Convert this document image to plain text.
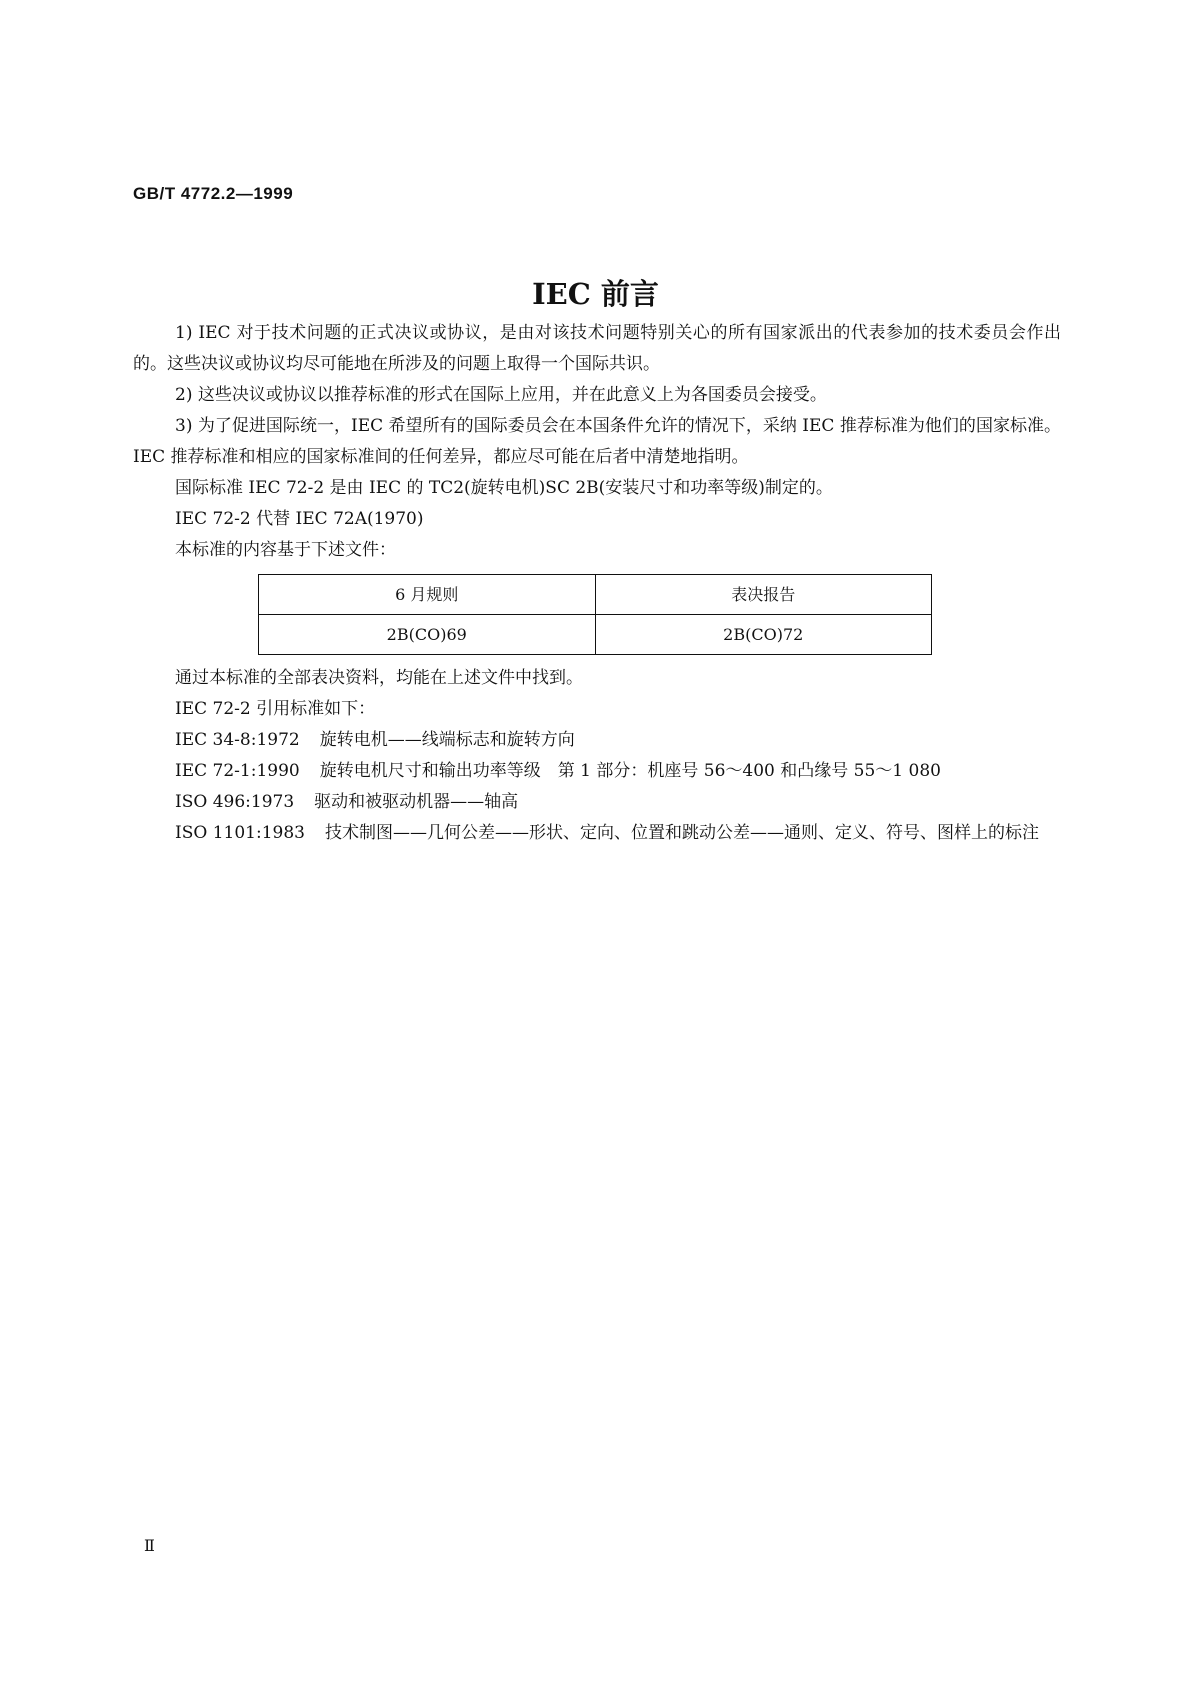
GB/T 4772.2—1999
IEC 前言

1) IEC 对于技术问题的正式决议或协议，是由对该技术问题特别关心的所有国家派出的代表参加的技术委员会作出的。这些决议或协议均尽可能地在所涉及的问题上取得一个国际共识。

2) 这些决议或协议以推荐标准的形式在国际上应用，并在此意义上为各国委员会接受。

3) 为了促进国际统一，IEC 希望所有的国际委员会在本国条件允许的情况下，采纳 IEC 推荐标准为他们的国家标准。IEC 推荐标准和相应的国家标准间的任何差异，都应尽可能在后者中清楚地指明。

国际标准 IEC 72-2 是由 IEC 的 TC2(旋转电机)SC 2B(安装尺寸和功率等级)制定的。

IEC 72-2 代替 IEC 72A(1970)

本标准的内容基于下述文件：

6 月规则	表决报告
2B(CO)69	2B(CO)72

通过本标准的全部表决资料，均能在上述文件中找到。

IEC 72-2 引用标准如下：

IEC 34-8:1972 旋转电机——线端标志和旋转方向
IEC 72-1:1990 旋转电机尺寸和输出功率等级　第 1 部分：机座号 56～400 和凸缘号 55～1 080
ISO 496:1973 驱动和被驱动机器——轴高
ISO 1101:1983 技术制图——几何公差——形状、定向、位置和跳动公差——通则、定义、符号、图样上的标注
Ⅱ
